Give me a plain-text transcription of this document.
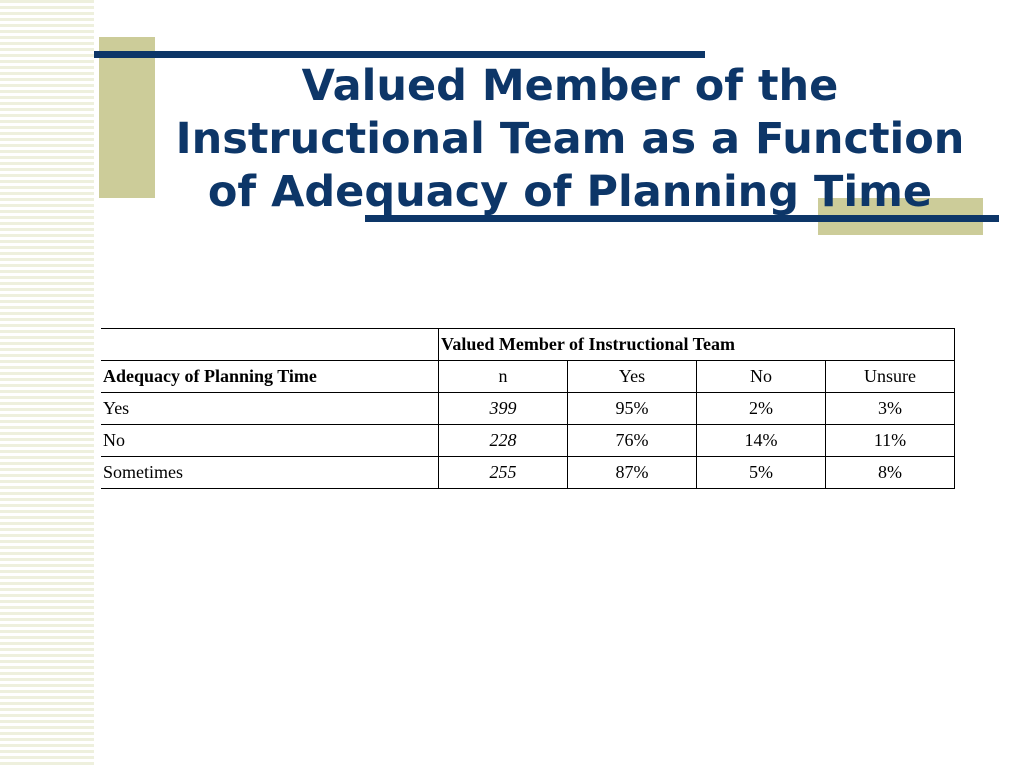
Valued Member of the
Instructional Team as a Function
of Adequacy of Planning Time
	Valued Member of Instructional Team			
Adequacy of Planning Time	n	Yes	No	Unsure
Yes	399	95%	2%	3%
No	228	76%	14%	11%
Sometimes	255	87%	5%	8%
